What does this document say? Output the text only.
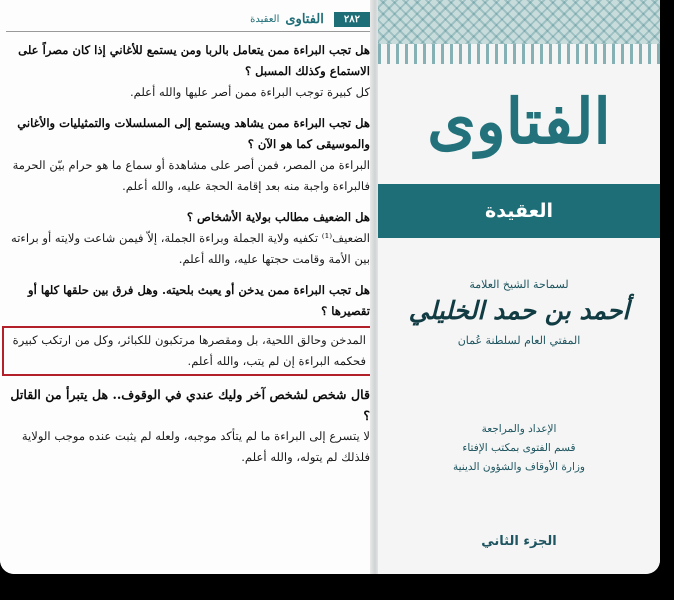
٢٨٢
الفتاوى
العقيدة
هل تجب البراءة ممن يتعامل بالربا ومن يستمع للأغاني إذا كان مصراً على الاستماع وكذلك المسبل ؟
كل كبيرة توجب البراءة ممن أصر عليها والله أعلم.
هل تجب البراءة ممن يشاهد ويستمع إلى المسلسلات والتمثيليات والأغاني والموسيقى كما هو الآن ؟
البراءة من المصر، فمن أصر على مشاهدة أو سماع ما هو حرام بيّن الحرمة فالبراءة واجبة منه بعد إقامة الحجة عليه، والله أعلم.
هل الضعيف مطالب بولاية الأشخاص ؟
الضعيف⁽¹⁾ تكفيه ولاية الجملة وبراءة الجملة، إلاّ فيمن شاعت ولايته أو براءته بين الأمة وقامت حجتها عليه، والله أعلم.
هل تجب البراءة ممن يدخن أو يعبث بلحيته. وهل فرق بين حلقها كلها أو تقصيرها ؟
المدخن وحالق اللحية، بل ومقصرها مرتكبون للكبائر، وكل من ارتكب كبيرة فحكمه البراءة إن لم يتب، والله أعلم.
قال شخص لشخص آخر وليك عندي في الوقوف.. هل يتبرأ من القاتل ؟
لا يتسرع إلى البراءة ما لم يتأكد موجبه، ولعله لم يثبت عنده موجب الولاية فلذلك لم يتوله، والله أعلم.
الفتاوى
العقيدة
لسماحة الشيخ العلامة
أحمد بن حمد الخليلي
المفتي العام لسلطنة عُمان
الإعداد والمراجعة
قسم الفتوى بمكتب الإفتاء
وزارة الأوقاف والشؤون الدينية
الجزء الثاني
